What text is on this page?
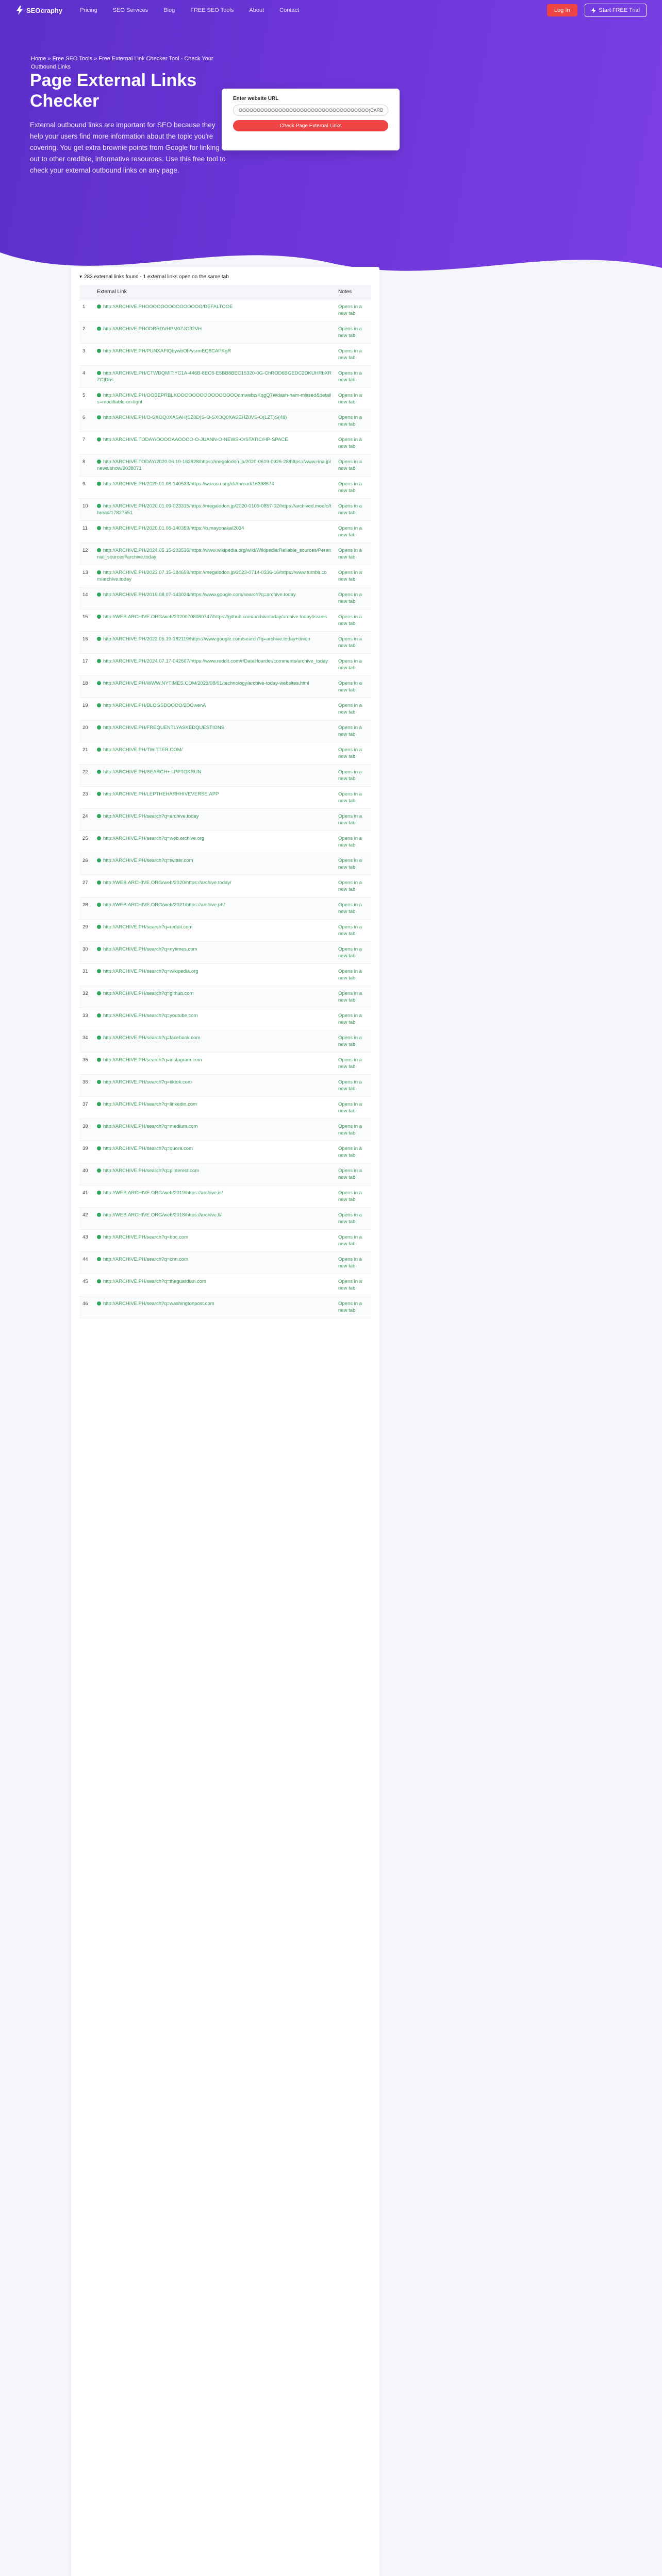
SEOcraphy	Pricing	SEO Services	Blog	FREE SEO Tools	About	Contact	Log In	Start FREE Trial
Home » Free SEO Tools » Free External Link Checker Tool - Check Your Outbound Links
Page External Links Checker

External outbound links are important for SEO because they help your users find more information about the topic you're covering. You get extra brownie points from Google for linking out to other credible, informative resources. Use this free tool to check your external outbound links on any page.

Enter website URL
OOOOOOOOOOOOOOOOOOOOOOOOOOOOOOOOOOOO(CARBESC)) Check Page External Links
▾ 283 external links found - 1 external links open on the same tab
	External Link	Notes
1	http://ARCHIVE.PHOOOOOOOOOOOOOOO/DEFALTOOE	Opens in a new tab
2	http://ARCHIVE.PHODRRDVHPM0ZJO32VH	Opens in a new tab
3	http://ARCHIVE.PH/PUNXAFIQbywbOh/ysrmEQ8CAPKgR	Opens in a new tab
4	http://ARCHIVE.PH/CTWDQMIT:YC1A-446B-8EC6-E5BB8BEC15320-0G-ChROD6BGEDC2DKUHRbXRZC]Dhs	Opens in a new tab
5	http://ARCHIVE.PH/OOBEPRBLKOOOOOOOOOOOOOOOOomwebz/KqgQ7Wdash-ham-missed&details=modifiable-on-light	Opens in a new tab
6	http://ARCHIVE.PH/O-SXOQ0XASAH(SZ0D)S-O-SXOQ0XASEHZ0VS-O(LZT)S(48)	Opens in a new tab
7	http://ARCHIVE.TODAY/OOOOAAOOOO-O-JUANN-O-NEWS-O/STATIC/HP-SPACE	Opens in a new tab
8	http://ARCHIVE.TODAY/2020.06.19-182828/https://megalodon.jp/2020-0619-0926-28/https://www.nna.jp/news/show/2038071	Opens in a new tab
9	http://ARCHIVE.PH/2020.01.08-140533/https://warosu.org/ck/thread/16398674	Opens in a new tab
10	http://ARCHIVE.PH/2020.01.09-023315/https://megalodon.jp/2020-0109-0857-02/https://archived.moe/o/thread/17827551	Opens in a new tab
11	http://ARCHIVE.PH/2020.01.08-140359/https://b.mayonaka/2034	Opens in a new tab
12	http://ARCHIVE.PH/2024.05.15-203536/https://www.wikipedia.org/wiki/Wikipedia:Reliable_sources/Perennial_sources#archive.today	Opens in a new tab
13	http://ARCHIVE.PH/2023.07.15-184659/https://megalodon.jp/2023-0714-0336-16/https://www.tumblr.com/archive.today	Opens in a new tab
14	http://ARCHIVE.PH/2019.08.07-143024/https://www.google.com/search?q=archive.today	Opens in a new tab
15	http://WEB.ARCHIVE.ORG/web/20200708080747/https://github.com/archivetoday/archive.today/issues	Opens in a new tab
16	http://ARCHIVE.PH/2022.05.19-182119/https://www.google.com/search?q=archive.today+onion	Opens in a new tab
17	http://ARCHIVE.PH/2024.07.17-042607/https://www.reddit.com/r/DataHoarder/comments/archive_today	Opens in a new tab
18	http://ARCHIVE.PH/WWW.NYTIMES.COM/2023/08/01/technology/archive-today-websites.html	Opens in a new tab
19	http://ARCHIVE.PH/BLOGSDOOOO/2DOwenA	Opens in a new tab
20	http://ARCHIVE.PH/FREQUENTLYASKEDQUESTIONS	Opens in a new tab
21	http://ARCHIVE.PH/TWITTER.COM/	Opens in a new tab
22	http://ARCHIVE.PH/SEARCH+.LPPTOKRUN	Opens in a new tab
23	http://ARCHIVE.PH/LEPTHEHARHHIVEVERSE.APP	Opens in a new tab
24	http://ARCHIVE.PH/search?q=archive.today	Opens in a new tab
25	http://ARCHIVE.PH/search?q=web.archive.org	Opens in a new tab
26	http://ARCHIVE.PH/search?q=twitter.com	Opens in a new tab
27	http://WEB.ARCHIVE.ORG/web/2020/https://archive.today/	Opens in a new tab
28	http://WEB.ARCHIVE.ORG/web/2021/https://archive.ph/	Opens in a new tab
29	http://ARCHIVE.PH/search?q=reddit.com	Opens in a new tab
30	http://ARCHIVE.PH/search?q=nytimes.com	Opens in a new tab
31	http://ARCHIVE.PH/search?q=wikipedia.org	Opens in a new tab
32	http://ARCHIVE.PH/search?q=github.com	Opens in a new tab
33	http://ARCHIVE.PH/search?q=youtube.com	Opens in a new tab
34	http://ARCHIVE.PH/search?q=facebook.com	Opens in a new tab
35	http://ARCHIVE.PH/search?q=instagram.com	Opens in a new tab
36	http://ARCHIVE.PH/search?q=tiktok.com	Opens in a new tab
37	http://ARCHIVE.PH/search?q=linkedin.com	Opens in a new tab
38	http://ARCHIVE.PH/search?q=medium.com	Opens in a new tab
39	http://ARCHIVE.PH/search?q=quora.com	Opens in a new tab
40	http://ARCHIVE.PH/search?q=pinterest.com	Opens in a new tab
41	http://WEB.ARCHIVE.ORG/web/2019/https://archive.is/	Opens in a new tab
42	http://WEB.ARCHIVE.ORG/web/2018/https://archive.li/	Opens in a new tab
43	http://ARCHIVE.PH/search?q=bbc.com	Opens in a new tab
44	http://ARCHIVE.PH/search?q=cnn.com	Opens in a new tab
45	http://ARCHIVE.PH/search?q=theguardian.com	Opens in a new tab
46	http://ARCHIVE.PH/search?q=washingtonpost.com	Opens in a new tab
